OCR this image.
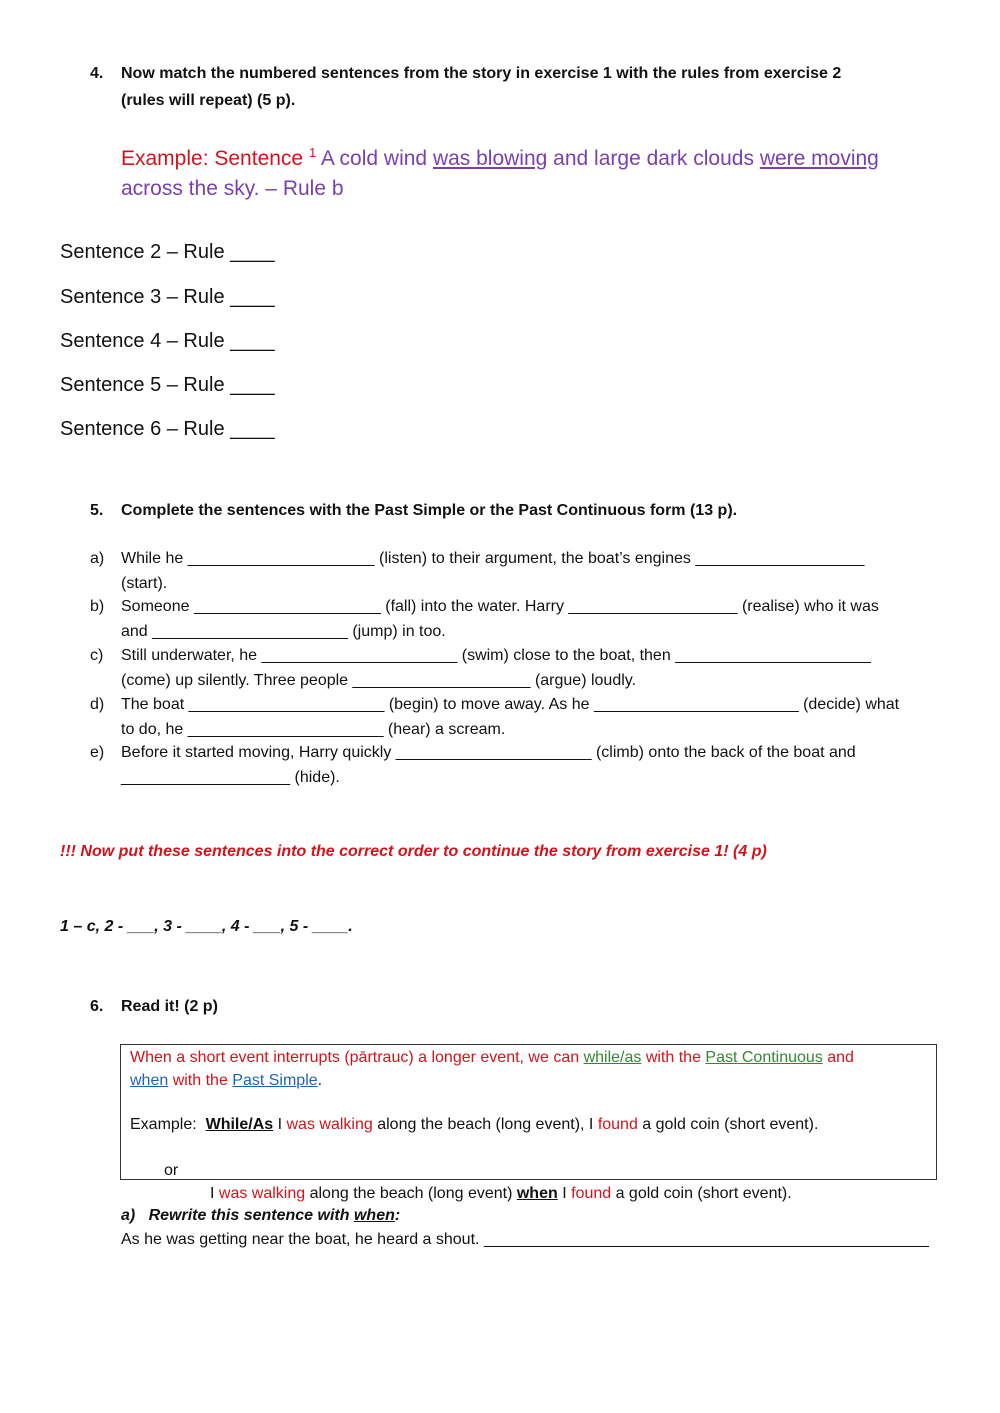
4. Now match the numbered sentences from the story in exercise 1 with the rules from exercise 2
(rules will repeat) (5 p).
Example: Sentence $^1$ A cold wind was blowing and large dark clouds were moving
across the sky. – Rule b
Sentence 2 – Rule ____
Sentence 3 – Rule ____
Sentence 4 – Rule ____
Sentence 5 – Rule ____
Sentence 6 – Rule ____
5. Complete the sentences with the Past Simple or the Past Continuous form (13 p).
a) While he _____________________ (listen) to their argument, the boat’s engines ___________________
(start).
b) Someone _____________________ (fall) into the water. Harry ___________________ (realise) who it was
and ______________________ (jump) in too.
c) Still underwater, he ______________________ (swim) close to the boat, then ______________________
(come) up silently. Three people ____________________ (argue) loudly.
d) The boat ______________________ (begin) to move away. As he _______________________ (decide) what
to do, he ______________________ (hear) a scream.
e) Before it started moving, Harry quickly ______________________ (climb) onto the back of the boat and
___________________ (hide).
!!! Now put these sentences into the correct order to continue the story from exercise 1! (4 p)
1 – c, 2 - ___, 3 - ____, 4 - ___, 5 - ____.
6. Read it! (2 p)
When a short event interrupts (pārtrauc) a longer event, we can while/as with the Past Continuous and
when with the Past Simple.
Example:  While/As I was walking along the beach (long event), I found a gold coin (short event).

or

I was walking along the beach (long event) when I found a gold coin (short event).

a) Rewrite this sentence with when:
As he was getting near the boat, he heard a shout. __________________________________________________
